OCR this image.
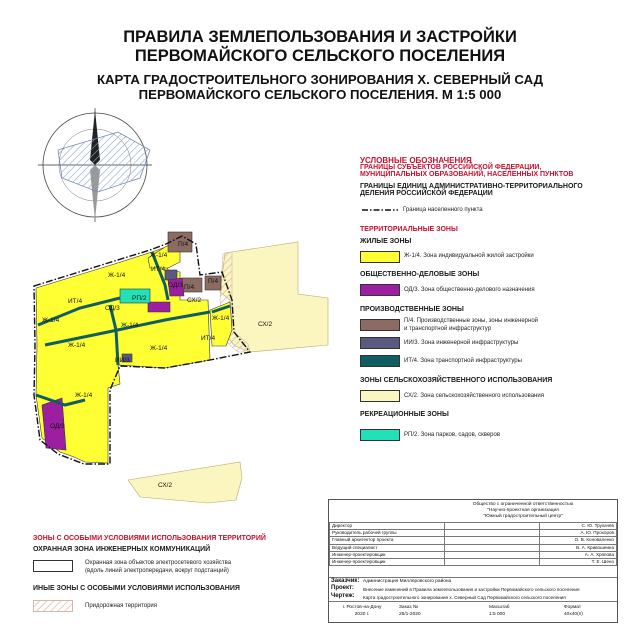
ПРАВИЛА ЗЕМЛЕПОЛЬЗОВАНИЯ И ЗАСТРОЙКИ
ПЕРВОМАЙСКОГО СЕЛЬСКОГО ПОСЕЛЕНИЯ
КАРТА ГРАДОСТРОИТЕЛЬНОГО ЗОНИРОВАНИЯ Х. СЕВЕРНЫЙ САД
ПЕРВОМАЙСКОГО СЕЛЬСКОГО ПОСЕЛЕНИЯ. М 1:5 000
Ж-1/4
Ж-1/4
П/4
ИТ/4
ОД/3 П/4
П/4
ИТ/4	РП/2	СХ/2
ОД/3
Ж-1/4
Ж-1/4
Ж-1/4
СХ/2
Ж-1/4	Ж-1/4
ИТ/4
ИИ/3
Ж-1/4
ОД/3
СХ/2
УСЛОВНЫЕ ОБОЗНАЧЕНИЯ
ГРАНИЦЫ СУБЪЕКТОВ РОССИЙСКОЙ ФЕДЕРАЦИИ,
МУНИЦИПАЛЬНЫХ ОБРАЗОВАНИЙ, НАСЕЛЕННЫХ ПУНКТОВ
ГРАНИЦЫ ЕДИНИЦ АДМИНИСТРАТИВНО-ТЕРРИТОРИАЛЬНОГО
ДЕЛЕНИЯ РОССИЙСКОЙ ФЕДЕРАЦИИ
Граница населенного пункта
ТЕРРИТОРИАЛЬНЫЕ ЗОНЫ
ЖИЛЫЕ ЗОНЫ
Ж-1/4. Зона индивидуальной жилой застройки
ОБЩЕСТВЕННО-ДЕЛОВЫЕ ЗОНЫ
ОД/3. Зона общественно-делового назначения
ПРОИЗВОДСТВЕННЫЕ ЗОНЫ
П/4. Производственные зоны, зоны инженерной
и транспортной инфраструктур
ИИ/3. Зона инженерной инфраструктуры
ИТ/4. Зона транспортной инфраструктуры
ЗОНЫ СЕЛЬСКОХОЗЯЙСТВЕННОГО ИСПОЛЬЗОВАНИЯ
СХ/2. Зона сельскохозяйственного использования
РЕКРЕАЦИОННЫЕ ЗОНЫ
РП/2. Зона парков, садов, скверов
ЗОНЫ С ОСОБЫМИ УСЛОВИЯМИ ИСПОЛЬЗОВАНИЯ ТЕРРИТОРИЙ
ОХРАННАЯ ЗОНА ИНЖЕНЕРНЫХ КОММУНИКАЦИЙ
Охранная зона объектов электросетевого хозяйства
(вдоль линий электропередачи, вокруг подстанций)
ИНЫЕ ЗОНЫ С ОСОБЫМИ УСЛОВИЯМИ ИСПОЛЬЗОВАНИЯ
Придорожная территория
Общество с ограниченной ответственностью
"Научно-проектная организация
"Южный градостроительный центр"
Директор		С. Ю. Трухачёв
Руководитель рабочей группы		А. Ю. Прохоров
Главный архитектор проекта		О. В. Коноваленко
Ведущий специалист		В. А. Кривошеина
Инженер-проектировщик		А. А. Хряпова
Инженер-проектировщик		Т. Е. Шено
Заказчик: Администрация Миллеровского района
Проект: Внесение изменений в Правила землепользования и застройки Первомайского сельского поселения
Чертеж: Карта градостроительного зонирования х. Северный Сад Первомайского сельского поселения
г. Ростов-на-Дону
2020 г.
Заказ №
25/1-2020
Масштаб
1:5 000
Формат
40х40(п)
